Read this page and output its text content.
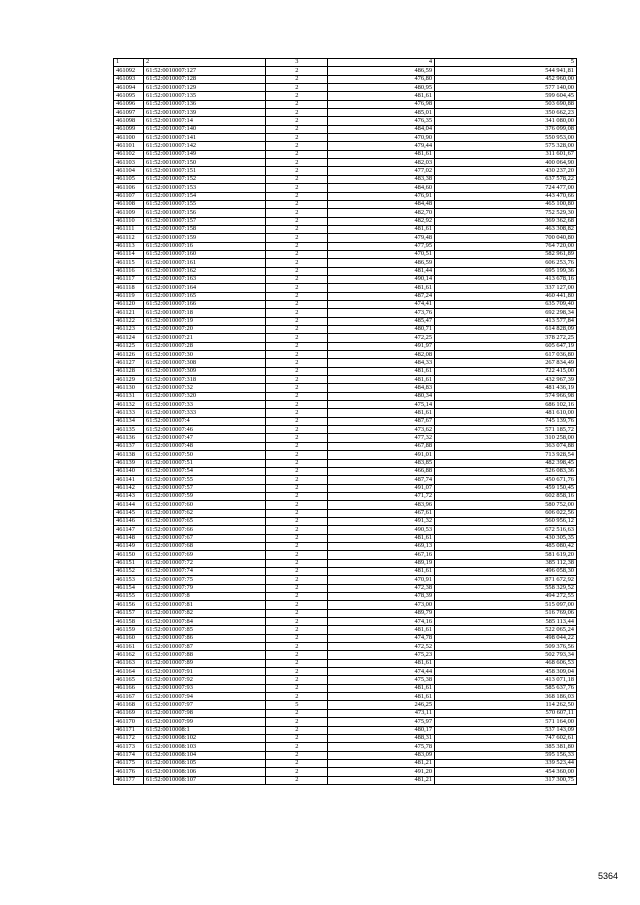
1	2	3	4	5
461092	61:52:0010007:127	2	486,59	544 941,81
461093	61:52:0010007:128	2	476,80	452 960,00
461094	61:52:0010007:129	2	480,95	577 140,00
461095	61:52:0010007:135	2	481,61	599 604,45
461096	61:52:0010007:136	2	476,98	503 690,88
461097	61:52:0010007:139	2	485,01	350 662,23
461098	61:52:0010007:14	2	476,35	341 080,00
461099	61:52:0010007:140	2	484,04	376 099,08
461100	61:52:0010007:141	2	470,90	550 953,00
461101	61:52:0010007:142	2	479,44	575 328,00
461102	61:52:0010007:149	2	481,61	311 601,67
461103	61:52:0010007:150	2	482,03	400 064,90
461104	61:52:0010007:151	2	477,02	430 237,20
461105	61:52:0010007:152	2	483,38	637 578,22
461106	61:52:0010007:153	2	484,60	724 477,00
461107	61:52:0010007:154	2	476,91	443 470,66
461108	61:52:0010007:155	2	484,48	465 100,80
461109	61:52:0010007:156	2	482,70	752 529,30
461110	61:52:0010007:157	2	482,92	369 362,68
461111	61:52:0010007:158	2	481,61	463 308,82
461112	61:52:0010007:159	2	479,48	700 040,80
461113	61:52:0010007:16	2	477,95	764 720,00
461114	61:52:0010007:160	2	470,51	582 961,89
461115	61:52:0010007:161	2	486,59	606 253,76
461116	61:52:0010007:162	2	481,44	695 199,36
461117	61:52:0010007:163	2	490,14	413 678,16
461118	61:52:0010007:164	2	481,61	337 127,00
461119	61:52:0010007:165	2	487,24	460 441,80
461120	61:52:0010007:166	2	474,41	635 709,40
461121	61:52:0010007:18	2	473,76	692 298,34
461122	61:52:0010007:19	2	485,47	413 577,84
461123	61:52:0010007:20	2	480,71	614 828,09
461124	61:52:0010007:21	2	472,25	378 272,25
461125	61:52:0010007:28	2	491,97	605 647,19
461126	61:52:0010007:30	2	482,08	617 036,80
461127	61:52:0010007:308	2	484,33	267 834,49
461128	61:52:0010007:309	2	481,61	722 415,00
461129	61:52:0010007:318	2	481,61	432 967,39
461130	61:52:0010007:32	2	484,83	481 436,19
461131	61:52:0010007:320	2	480,34	574 966,98
461132	61:52:0010007:33	2	475,14	686 102,16
461133	61:52:0010007:333	2	481,61	481 610,00
461134	61:52:0010007:4	2	487,67	745 139,76
461135	61:52:0010007:46	2	473,62	571 185,72
461136	61:52:0010007:47	2	477,32	310 258,00
461137	61:52:0010007:48	2	467,88	363 074,88
461138	61:52:0010007:50	2	491,01	713 928,54
461139	61:52:0010007:51	2	483,85	482 398,45
461140	61:52:0010007:54	2	466,88	526 083,36
461141	61:52:0010007:55	2	487,74	450 671,76
461142	61:52:0010007:57	2	491,07	459 150,45
461143	61:52:0010007:59	2	471,72	602 858,16
461144	61:52:0010007:60	2	483,96	580 752,00
461145	61:52:0010007:62	2	467,61	606 022,56
461146	61:52:0010007:65	2	491,32	560 956,12
461147	61:52:0010007:66	2	490,53	672 516,63
461148	61:52:0010007:67	2	481,61	430 305,35
461149	61:52:0010007:68	2	469,13	485 080,42
461150	61:52:0010007:69	2	467,16	581 619,20
461151	61:52:0010007:72	2	489,19	385 112,38
461152	61:52:0010007:74	2	481,61	496 058,30
461153	61:52:0010007:75	2	470,91	871 672,92
461154	61:52:0010007:79	2	472,38	558 329,52
461155	61:52:0010007:8	2	478,39	494 272,55
461156	61:52:0010007:81	2	473,00	515 097,00
461157	61:52:0010007:82	2	489,79	516 769,06
461158	61:52:0010007:84	2	474,16	585 113,44
461159	61:52:0010007:85	2	481,61	522 065,24
461160	61:52:0010007:86	2	474,78	498 044,22
461161	61:52:0010007:87	2	472,52	509 376,56
461162	61:52:0010007:88	2	475,23	502 793,34
461163	61:52:0010007:89	2	481,61	468 606,53
461164	61:52:0010007:91	2	474,44	458 309,04
461165	61:52:0010007:92	2	475,38	413 071,18
461166	61:52:0010007:93	2	481,61	585 637,76
461167	61:52:0010007:94	2	481,61	368 186,03
461168	61:52:0010007:97	5	246,25	114 262,50
461169	61:52:0010007:98	2	473,11	570 607,11
461170	61:52:0010007:99	2	475,97	571 164,00
461171	61:52:0010008:1	2	480,17	537 143,09
461172	61:52:0010008:102	2	488,31	747 602,61
461173	61:52:0010008:103	2	475,78	385 381,80
461174	61:52:0010008:104	2	483,09	595 156,33
461175	61:52:0010008:105	2	481,21	339 523,44
461176	61:52:0010008:106	2	491,20	454 360,00
461177	61:52:0010008:107	2	481,21	317 300,75
5364
